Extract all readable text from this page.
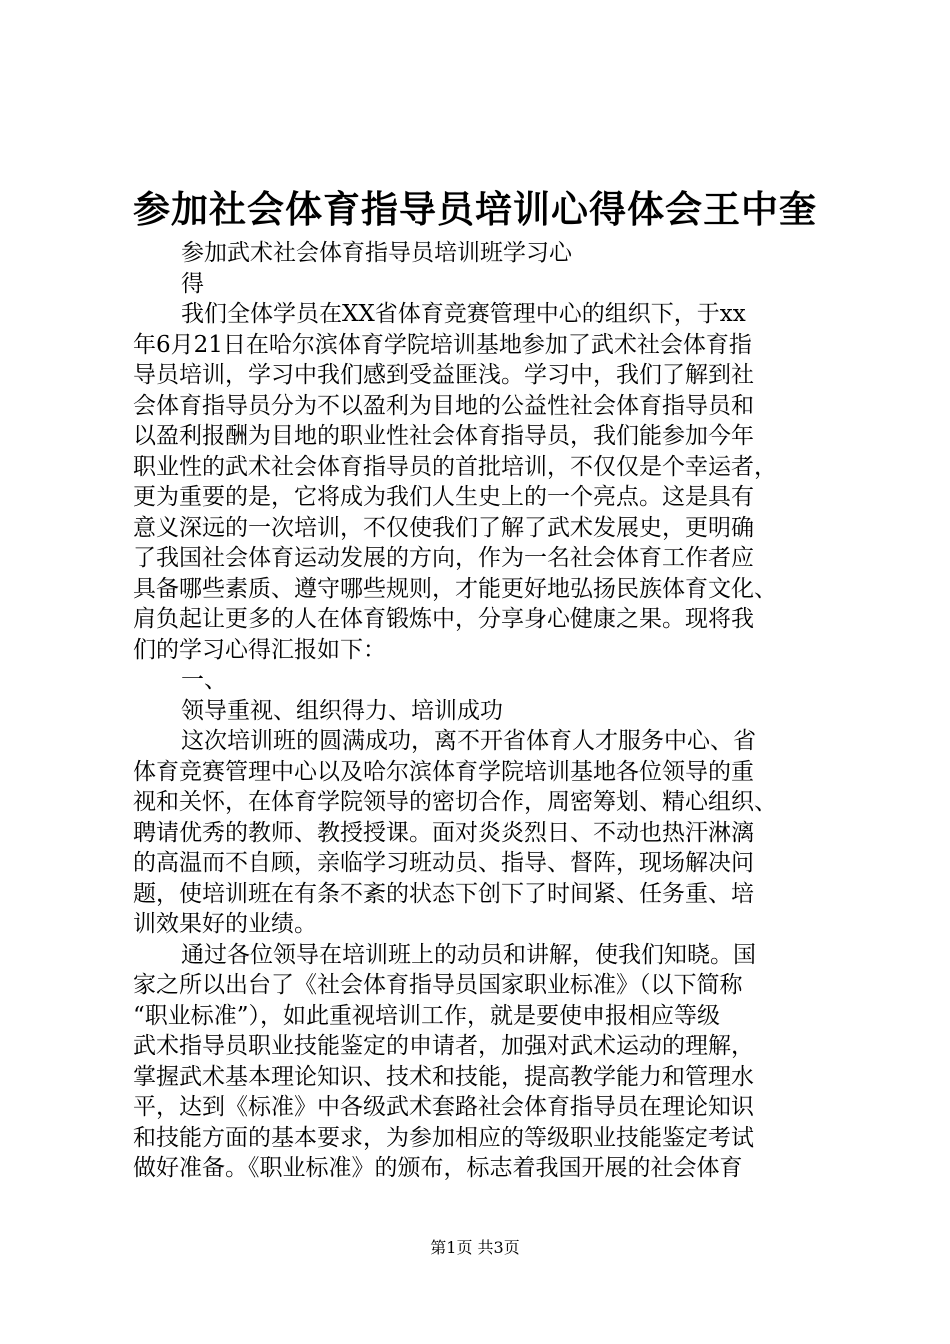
参加社会体育指导员培训心得体会王中奎
参加武术社会体育指导员培训班学习心
得
我们全体学员在XX省体育竞赛管理中心的组织下，于xx
年6月21日在哈尔滨体育学院培训基地参加了武术社会体育指
导员培训，学习中我们感到受益匪浅。学习中，我们了解到社
会体育指导员分为不以盈利为目地的公益性社会体育指导员和
以盈利报酬为目地的职业性社会体育指导员，我们能参加今年
职业性的武术社会体育指导员的首批培训，不仅仅是个幸运者，
更为重要的是，它将成为我们人生史上的一个亮点。这是具有
意义深远的一次培训，不仅使我们了解了武术发展史，更明确
了我国社会体育运动发展的方向，作为一名社会体育工作者应
具备哪些素质、遵守哪些规则，才能更好地弘扬民族体育文化、
肩负起让更多的人在体育锻炼中，分享身心健康之果。现将我
们的学习心得汇报如下：
一、
领导重视、组织得力、培训成功
这次培训班的圆满成功，离不开省体育人才服务中心、省
体育竞赛管理中心以及哈尔滨体育学院培训基地各位领导的重
视和关怀，在体育学院领导的密切合作，周密筹划、精心组织、
聘请优秀的教师、教授授课。面对炎炎烈日、不动也热汗淋漓
的高温而不自顾，亲临学习班动员、指导、督阵，现场解决问
题，使培训班在有条不紊的状态下创下了时间紧、任务重、培
训效果好的业绩。
通过各位领导在培训班上的动员和讲解，使我们知晓。国
家之所以出台了《社会体育指导员国家职业标准》（以下简称
“职业标准”），如此重视培训工作，就是要使申报相应等级
武术指导员职业技能鉴定的申请者，加强对武术运动的理解，
掌握武术基本理论知识、技术和技能，提高教学能力和管理水
平，达到《标准》中各级武术套路社会体育指导员在理论知识
和技能方面的基本要求，为参加相应的等级职业技能鉴定考试
做好准备。《职业标准》的颁布，标志着我国开展的社会体育
第1页 共3页
